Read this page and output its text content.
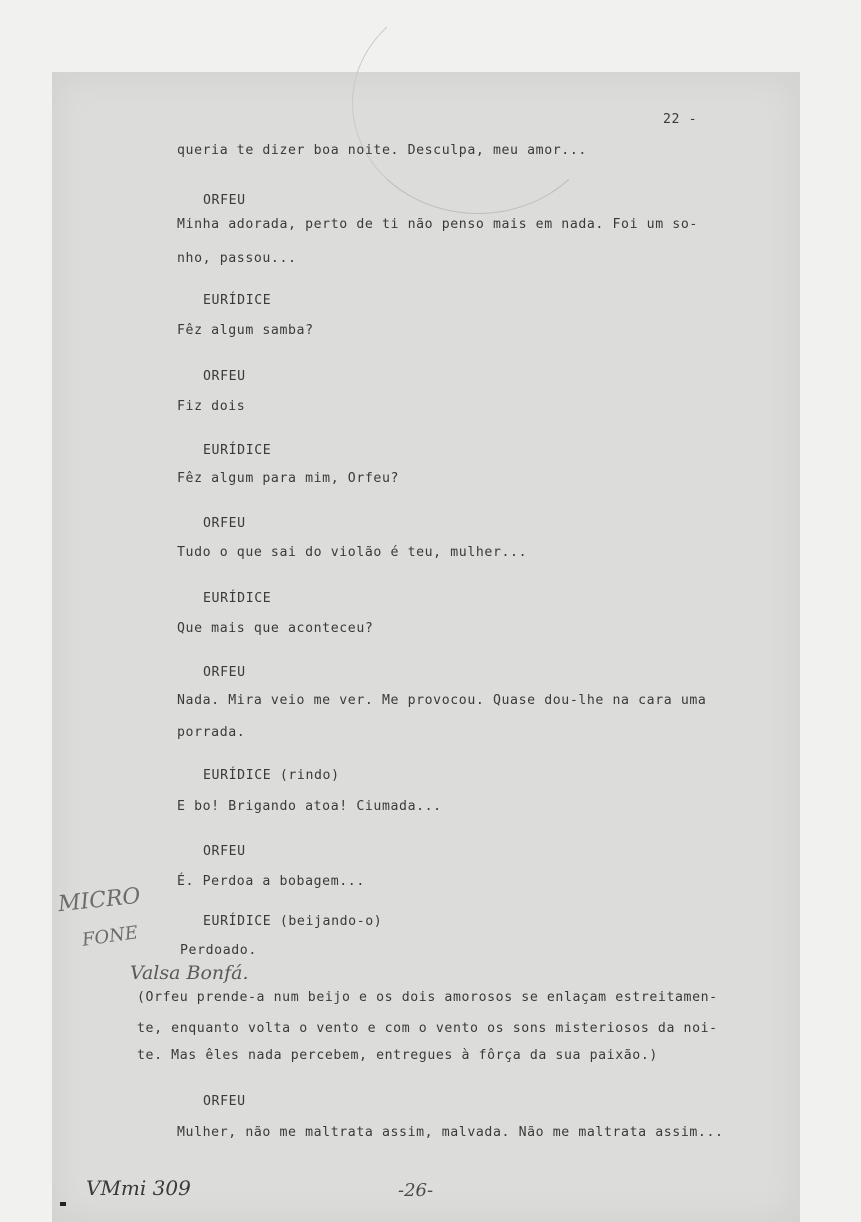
22 -
queria te dizer boa noite. Desculpa, meu amor...
ORFEU
Minha adorada, perto de ti não penso mais em nada. Foi um so-
nho, passou...
EURÍDICE
Fêz algum samba?
ORFEU
Fiz dois
EURÍDICE
Fêz algum para mim, Orfeu?
ORFEU
Tudo o que sai do violão é teu, mulher...
EURÍDICE
Que mais que aconteceu?
ORFEU
Nada. Mira veio me ver. Me provocou. Quase dou-lhe na cara uma
porrada.
EURÍDICE (rindo)
E bo! Brigando atoa! Ciumada...
ORFEU
É. Perdoa a bobagem...
EURÍDICE (beijando-o)
Perdoado.
(Orfeu prende-a num beijo e os dois amorosos se enlaçam estreitamen-
te, enquanto volta o vento e com o vento os sons misteriosos da noi-
te. Mas êles nada percebem, entregues à fôrça da sua paixão.)
ORFEU
Mulher, não me maltrata assim, malvada. Não me maltrata assim...
MICRO
FONE
Valsa Bonfá.
-26-
VMmi 309
